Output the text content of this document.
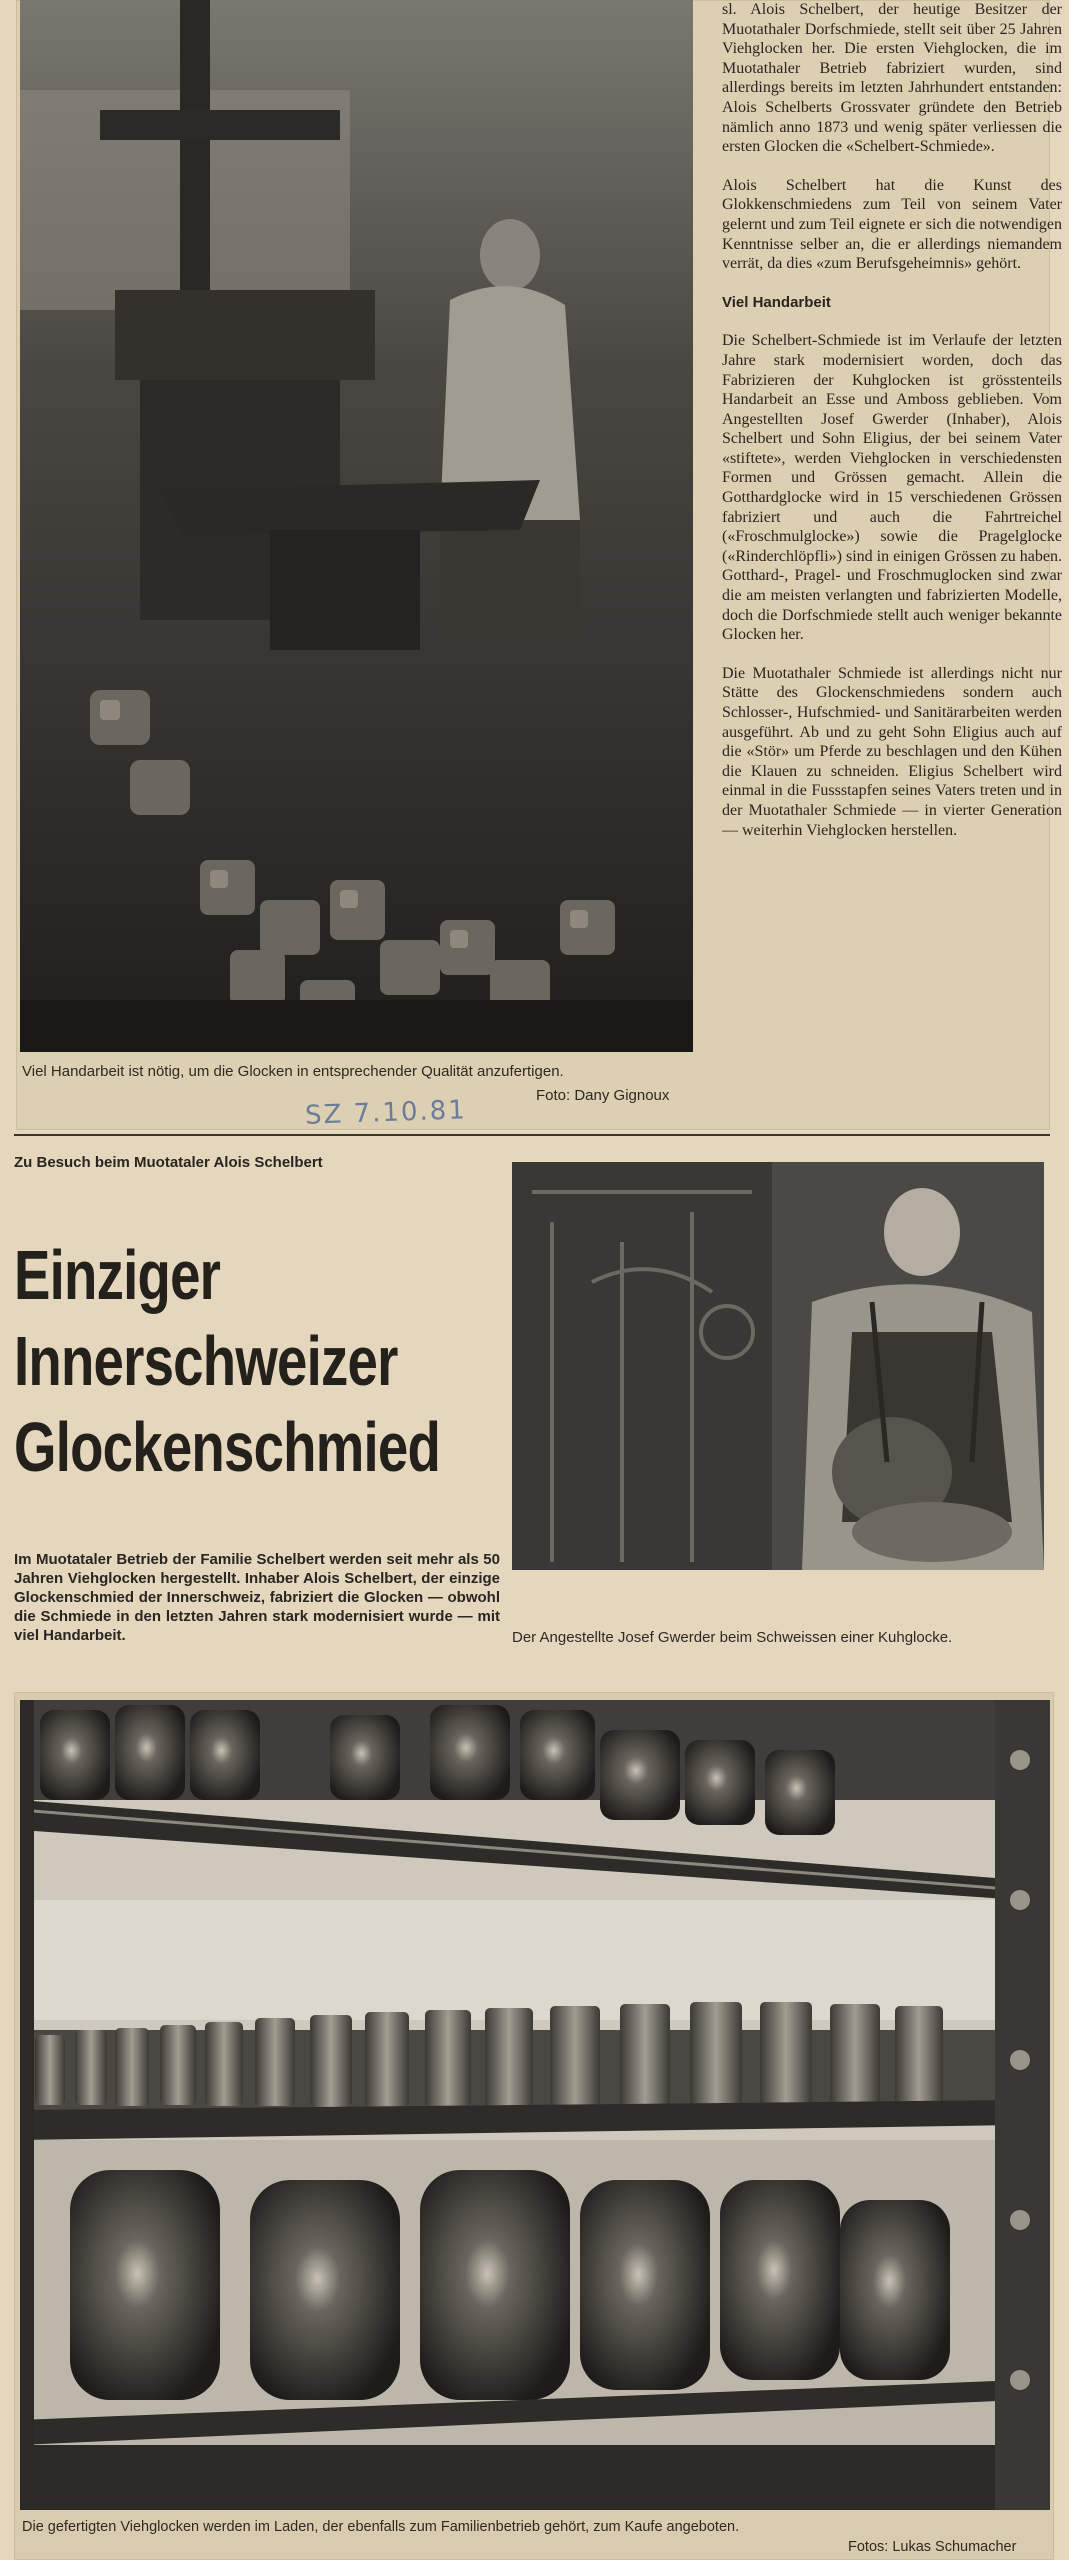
sl. Alois Schelbert, der heutige Besitzer der Muotathaler Dorfschmiede, stellt seit über 25 Jahren Viehglocken her. Die ersten Viehglocken, die im Muotathaler Betrieb fabriziert wurden, sind allerdings bereits im letzten Jahrhundert entstanden: Alois Schelberts Grossvater gründete den Betrieb nämlich anno 1873 und wenig später verliessen die ersten Glocken die «Schelbert-Schmiede».

Alois Schelbert hat die Kunst des Glokkenschmiedens zum Teil von seinem Vater gelernt und zum Teil eignete er sich die notwendigen Kenntnisse selber an, die er allerdings niemandem verrät, da dies «zum Berufsgeheimnis» gehört.

Viel Handarbeit

Die Schelbert-Schmiede ist im Verlaufe der letzten Jahre stark modernisiert worden, doch das Fabrizieren der Kuhglocken ist grösstenteils Handarbeit an Esse und Amboss geblieben. Vom Angestellten Josef Gwerder (Inhaber), Alois Schelbert und Sohn Eligius, der bei seinem Vater «stiftete», werden Viehglocken in verschiedensten Formen und Grössen gemacht. Allein die Gotthardglocke wird in 15 verschiedenen Grössen fabriziert und auch die Fahrtreichel («Froschmulglocke») sowie die Pragelglocke («Rinderchlöpfli») sind in einigen Grössen zu haben. Gotthard-, Pragel- und Froschmuglocken sind zwar die am meisten verlangten und fabrizierten Modelle, doch die Dorfschmiede stellt auch weniger bekannte Glocken her.

Die Muotathaler Schmiede ist allerdings nicht nur Stätte des Glockenschmiedens sondern auch Schlosser-, Hufschmied- und Sanitärarbeiten werden ausgeführt. Ab und zu geht Sohn Eligius auch auf die «Stör» um Pferde zu beschlagen und den Kühen die Klauen zu schneiden. Eligius Schelbert wird einmal in die Fussstapfen seines Vaters treten und in der Muotathaler Schmiede — in vierter Generation — weiterhin Viehglocken herstellen.

Viel Handarbeit ist nötig, um die Glocken in entsprechender Qualität anzufertigen.
Foto: Dany Gignoux
SZ 7.10.81
Zu Besuch beim Muotataler Alois Schelbert
Einziger
Innerschweizer
Glockenschmied
Im Muotataler Betrieb der Familie Schelbert werden seit mehr als 50 Jahren Viehglocken hergestellt. Inhaber Alois Schelbert, der einzige Glockenschmied der Innerschweiz, fabriziert die Glocken — obwohl die Schmiede in den letzten Jahren stark modernisiert wurde — mit viel Handarbeit.	Der Angestellte Josef Gwerder beim Schweissen einer Kuhglocke.
Die gefertigten Viehglocken werden im Laden, der ebenfalls zum Familienbetrieb gehört, zum Kaufe angeboten.
Fotos: Lukas Schumacher
